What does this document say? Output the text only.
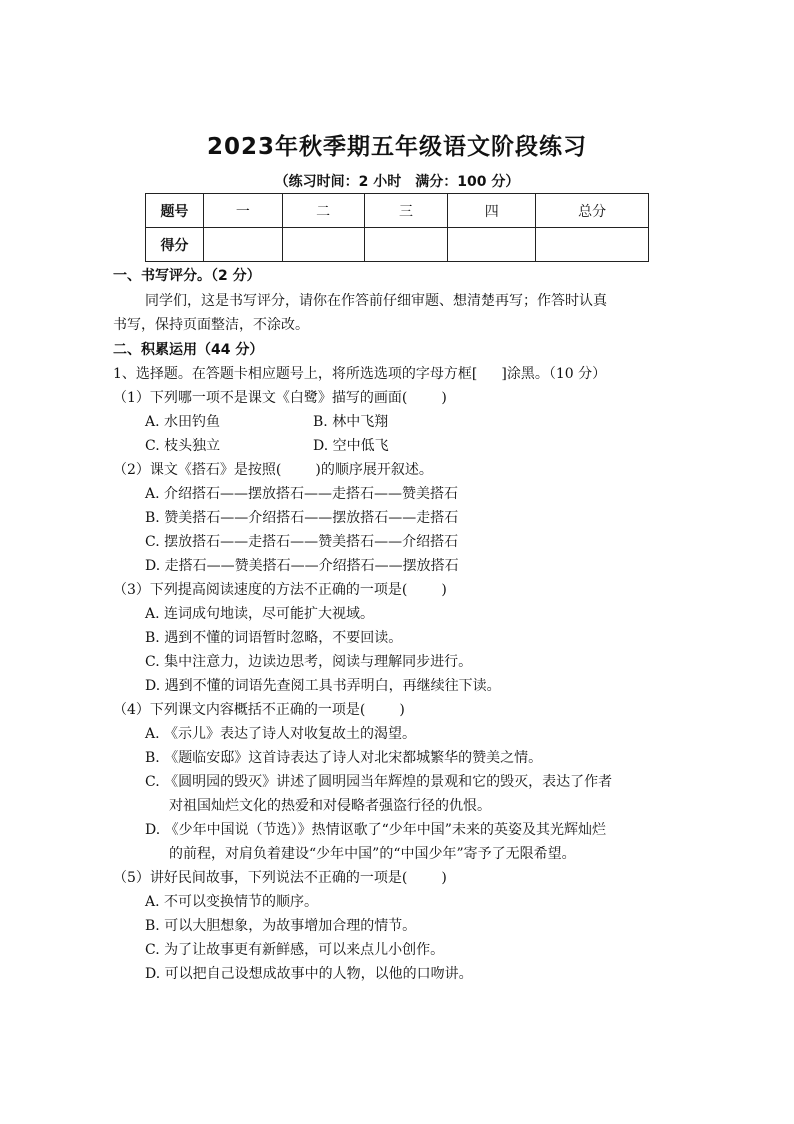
2023年秋季期五年级语文阶段练习
（练习时间：2 小时　满分：100 分）
题号	一	二	三	四	总分
得分					
一、书写评分。（2 分）
同学们，这是书写评分，请你在作答前仔细审题、想清楚再写；作答时认真
书写，保持页面整洁，不涂改。
二、积累运用（44 分）
1、选择题。在答题卡相应题号上，将所选选项的字母方框[ ]涂黑。（10 分）
（1）下列哪一项不是课文《白鹭》描写的画面( )
A. 水田钓鱼	B. 林中飞翔
C. 枝头独立	D. 空中低飞
（2）课文《搭石》是按照( )的顺序展开叙述。
A. 介绍搭石——摆放搭石——走搭石——赞美搭石
B. 赞美搭石——介绍搭石——摆放搭石——走搭石
C. 摆放搭石——走搭石——赞美搭石——介绍搭石
D. 走搭石——赞美搭石——介绍搭石——摆放搭石
（3）下列提高阅读速度的方法不正确的一项是( )
A. 连词成句地读，尽可能扩大视域。
B. 遇到不懂的词语暂时忽略，不要回读。
C. 集中注意力，边读边思考，阅读与理解同步进行。
D. 遇到不懂的词语先查阅工具书弄明白，再继续往下读。
（4）下列课文内容概括不正确的一项是( )
A. 《示儿》表达了诗人对收复故土的渴望。
B. 《题临安邸》这首诗表达了诗人对北宋都城繁华的赞美之情。
C. 《圆明园的毁灭》讲述了圆明园当年辉煌的景观和它的毁灭，表达了作者
对祖国灿烂文化的热爱和对侵略者强盗行径的仇恨。
D. 《少年中国说（节选）》热情讴歌了“少年中国”未来的英姿及其光辉灿烂
的前程，对肩负着建设“少年中国”的“中国少年”寄予了无限希望。
（5）讲好民间故事，下列说法不正确的一项是( )
A. 不可以变换情节的顺序。
B. 可以大胆想象，为故事增加合理的情节。
C. 为了让故事更有新鲜感，可以来点儿小创作。
D. 可以把自己设想成故事中的人物，以他的口吻讲。
